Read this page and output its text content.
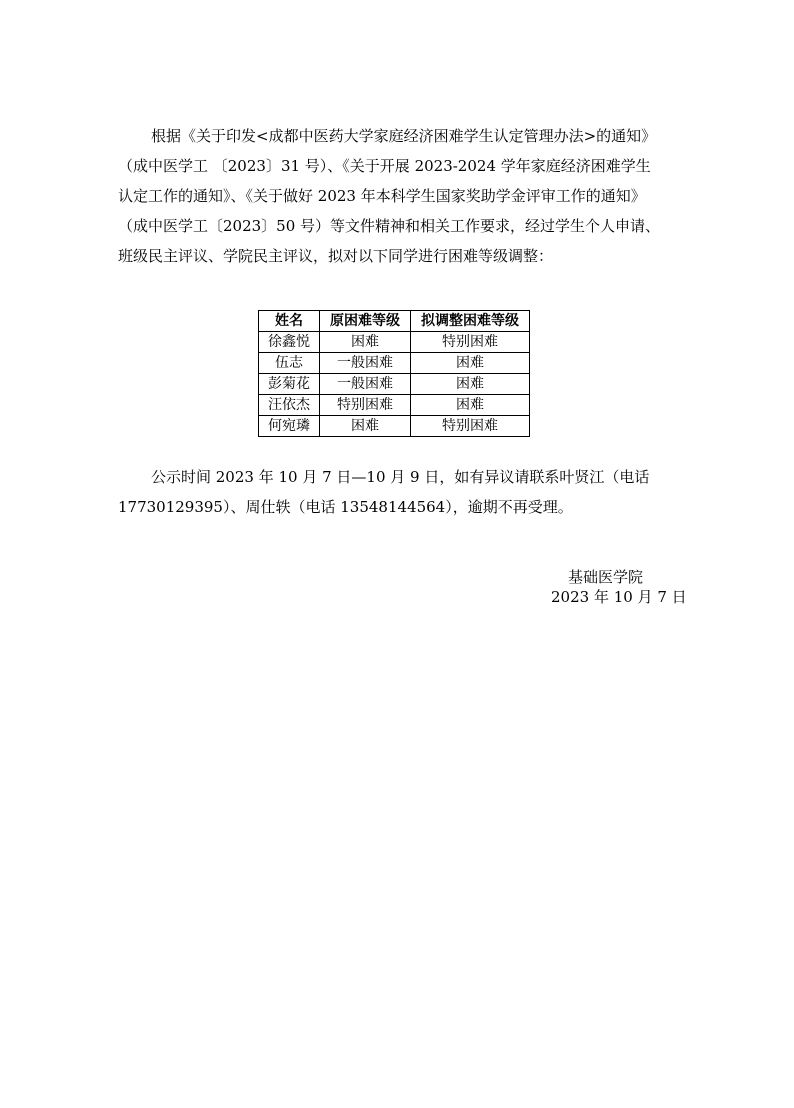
根据《关于印发<成都中医药大学家庭经济困难学生认定管理办法>的通知》
（成中医学工 〔2023〕31 号）、《关于开展 2023-2024 学年家庭经济困难学生
认定工作的通知》、《关于做好 2023 年本科学生国家奖助学金评审工作的通知》
（成中医学工〔2023〕50 号）等文件精神和相关工作要求，经过学生个人申请、
班级民主评议、学院民主评议，拟对以下同学进行困难等级调整：
姓名	原困难等级	拟调整困难等级
徐鑫悦	困难	特别困难
伍志	一般困难	困难
彭菊花	一般困难	困难
汪依杰	特别困难	困难
何宛璘	困难	特别困难
公示时间 2023 年 10 月 7 日—10 月 9 日，如有异议请联系叶贤江（电话
17730129395）、周仕轶（电话 13548144564），逾期不再受理。
基础医学院
2023 年 10 月 7 日
